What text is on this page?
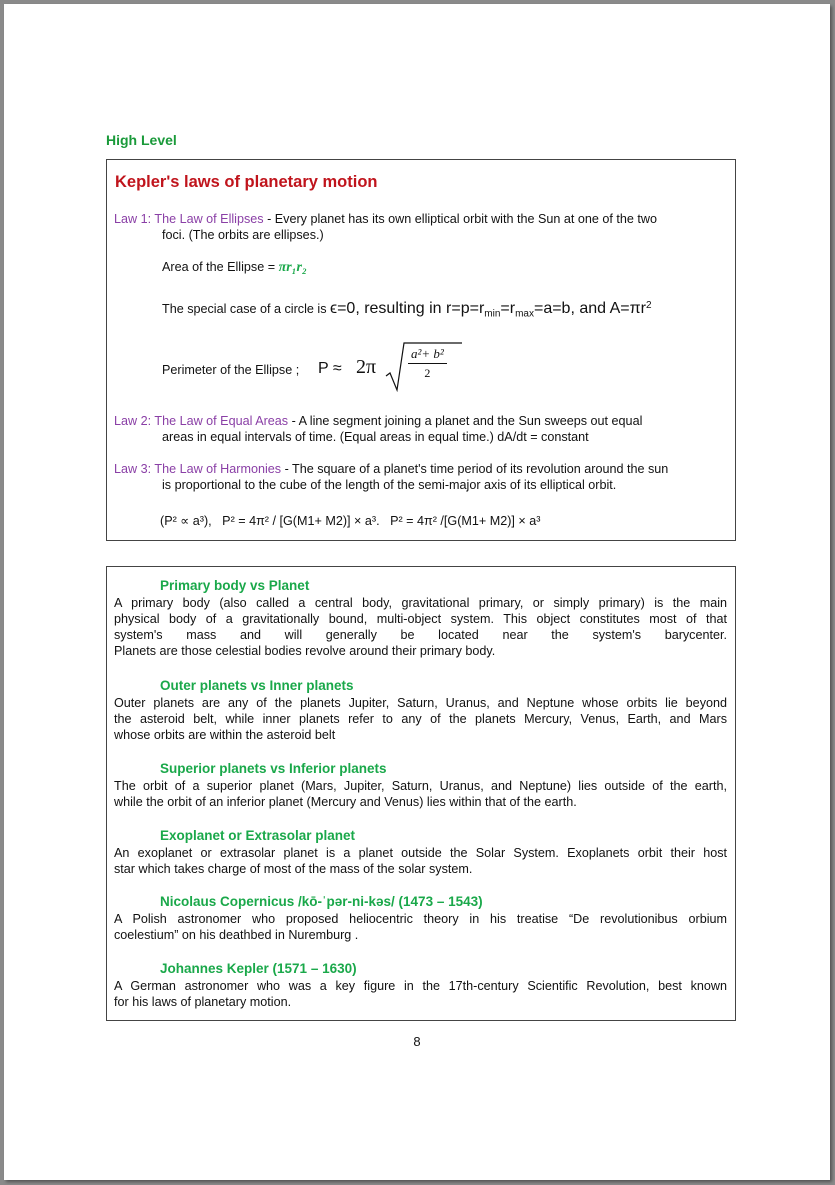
High Level
Kepler's laws of planetary motion
Law 1: The Law of Ellipses - Every planet has its own elliptical orbit with the Sun at one of the two
foci. (The orbits are ellipses.)
Area of the Ellipse = πr₁r₂
The special case of a circle is ϵ=0, resulting in $r=p=r_{min}=r_{max}=a=b$, and $A=\pi r^2$
Perimeter of the Ellipse ; $P \approx 2\pi \frac{\text{a²+ b²}}{2}$
Law 2: The Law of Equal Areas - A line segment joining a planet and the Sun sweeps out equal
areas in equal intervals of time. (Equal areas in equal time.) dA/dt = constant
Law 3: The Law of Harmonies - The square of a planet's time period of its revolution around the sun
is proportional to the cube of the length of the semi-major axis of its elliptical orbit.
(P² ∝ a³),   P² = 4π² / [G(M1+ M2)] × a³.   P² = 4π² /[G(M1+ M2)] × a³
Primary body vs Planet
A primary body (also called a central body, gravitational primary, or simply primary) is the main
physical body of a gravitationally bound, multi-object system. This object constitutes most of that
system's mass and will generally be located near the system's barycenter.
Planets are those celestial bodies revolve around their primary body.
Outer planets vs Inner planets
Outer planets are any of the planets Jupiter, Saturn, Uranus, and Neptune whose orbits lie beyond
the asteroid belt, while inner planets refer to any of the planets Mercury, Venus, Earth, and Mars
whose orbits are within the asteroid belt
Superior planets vs Inferior planets
The orbit of a superior planet (Mars, Jupiter, Saturn, Uranus, and Neptune) lies outside of the earth,
while the orbit of an inferior planet (Mercury and Venus) lies within that of the earth.
Exoplanet or Extrasolar planet
An exoplanet or extrasolar planet is a planet outside the Solar System. Exoplanets orbit their host
star which takes charge of most of the mass of the solar system.
Nicolaus Copernicus /kō-ˈpər-ni-kəs/ (1473 – 1543)
A Polish astronomer who proposed heliocentric theory in his treatise “De revolutionibus orbium
coelestium” on his deathbed in Nuremburg .
Johannes Kepler (1571 – 1630)
A German astronomer who was a key figure in the 17th-century Scientific Revolution, best known
for his laws of planetary motion.
8
